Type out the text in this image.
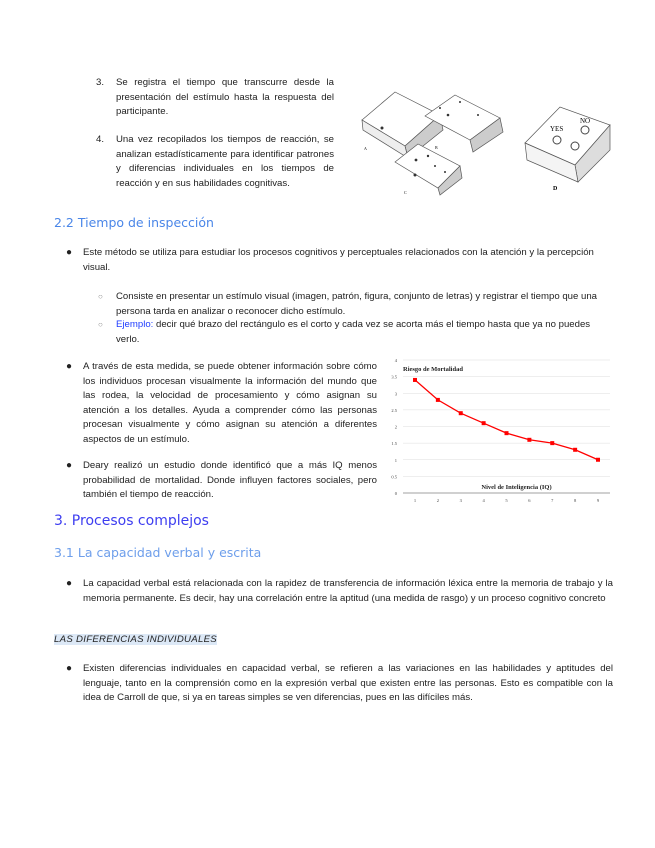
3. Se registra el tiempo que transcurre desde la presentación del estímulo hasta la respuesta del participante.
4. Una vez recopilados los tiempos de reacción, se analizan estadísticamente para identificar patrones y diferencias individuales en los tiempos de reacción y en sus habilidades cognitivas.
YES
NO
A	B
C
D
2.2 Tiempo de inspección
● Este método se utiliza para estudiar los procesos cognitivos y perceptuales relacionados con la atención y la percepción visual.
○ Consiste en presentar un estímulo visual (imagen, patrón, figura, conjunto de letras) y registrar el tiempo que una persona tarda en analizar o reconocer dicho estímulo.
○ Ejemplo: decir qué brazo del rectángulo es el corto y cada vez se acorta más el tiempo hasta que ya no puedes verlo.
● A través de esta medida, se puede obtener información sobre cómo los individuos procesan visualmente la información del mundo que las rodea, la velocidad de procesamiento y cómo asignan su atención a los detalles. Ayuda a comprender cómo las personas procesan visualmente y cómo asignan su atención a diferentes aspectos de un estímulo.
● Deary realizó un estudio donde identificó que a más IQ menos probabilidad de mortalidad. Donde influyen factores sociales, pero también el tiempo de reacción.	0
0.5
1
1.5
2
2.5
3
3.5
4
1	2	3	4	5	6	7	8	9
Riesgo de Mortalidad
Nivel de Inteligencia (IQ)
3. Procesos complejos
3.1 La capacidad verbal y escrita
● La capacidad verbal está relacionada con la rapidez de transferencia de información léxica entre la memoria de trabajo y la memoria permanente. Es decir, hay una correlación entre la aptitud (una medida de rasgo) y un proceso cognitivo concreto
LAS DIFERENCIAS INDIVIDUALES
● Existen diferencias individuales en capacidad verbal, se refieren a las variaciones en las habilidades y aptitudes del lenguaje, tanto en la comprensión como en la expresión verbal que existen entre las personas. Esto es compatible con la idea de Carroll de que, si ya en tareas simples se ven diferencias, pues en las difíciles más.
